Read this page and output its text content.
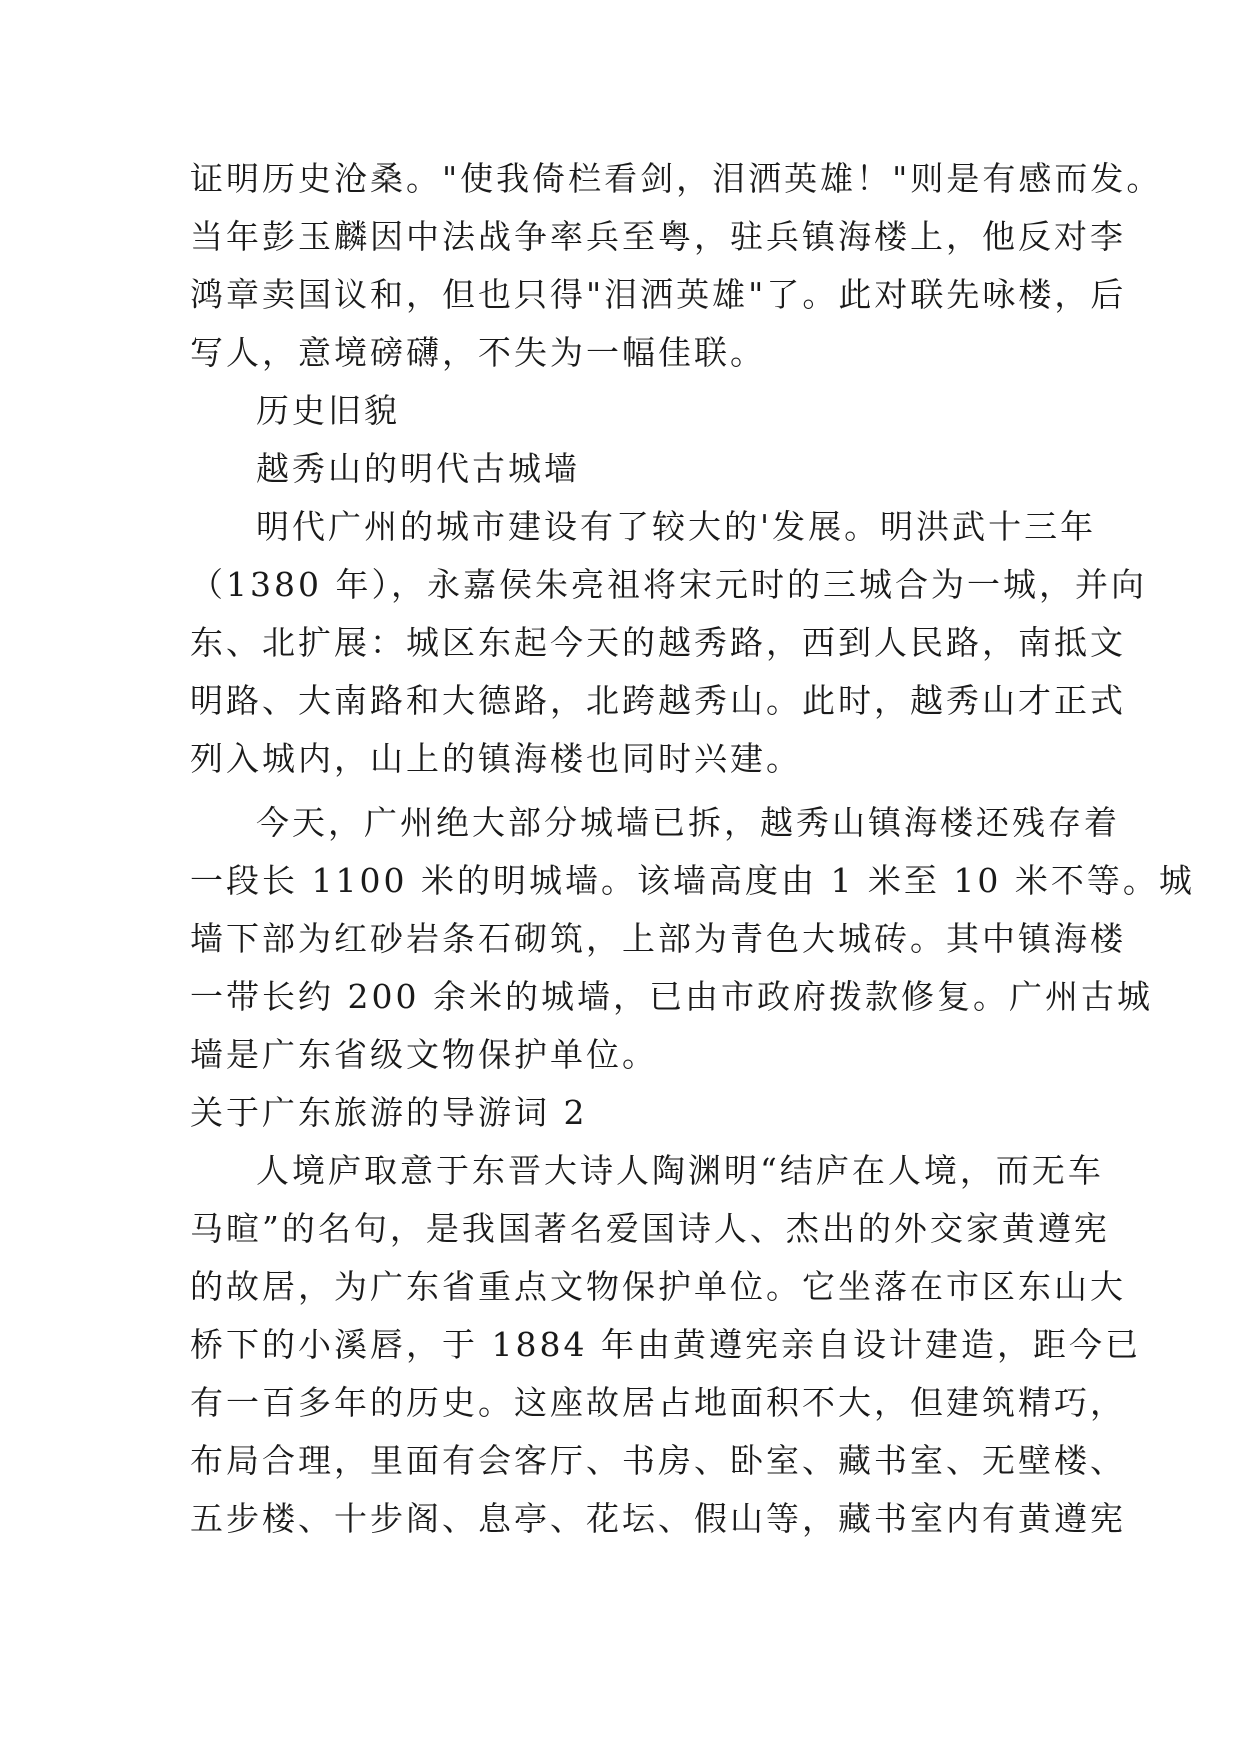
证明历史沧桑。"使我倚栏看剑，泪洒英雄！"则是有感而发。
当年彭玉麟因中法战争率兵至粤，驻兵镇海楼上，他反对李
鸿章卖国议和，但也只得"泪洒英雄"了。此对联先咏楼，后
写人，意境磅礴，不失为一幅佳联。
历史旧貌
越秀山的明代古城墙
明代广州的城市建设有了较大的'发展。明洪武十三年
（1380 年），永嘉侯朱亮祖将宋元时的三城合为一城，并向
东、北扩展：城区东起今天的越秀路，西到人民路，南抵文
明路、大南路和大德路，北跨越秀山。此时，越秀山才正式
列入城内，山上的镇海楼也同时兴建。
今天，广州绝大部分城墙已拆，越秀山镇海楼还残存着
一段长 1100 米的明城墙。该墙高度由 1 米至 10 米不等。城
墙下部为红砂岩条石砌筑，上部为青色大城砖。其中镇海楼
一带长约 200 余米的城墙，已由市政府拨款修复。广州古城
墙是广东省级文物保护单位。
关于广东旅游的导游词 2
人境庐取意于东晋大诗人陶渊明“结庐在人境，而无车
马暄”的名句，是我国著名爱国诗人、杰出的外交家黄遵宪
的故居，为广东省重点文物保护单位。它坐落在市区东山大
桥下的小溪唇，于 1884 年由黄遵宪亲自设计建造，距今已
有一百多年的历史。这座故居占地面积不大，但建筑精巧，
布局合理，里面有会客厅、书房、卧室、藏书室、无壁楼、
五步楼、十步阁、息亭、花坛、假山等，藏书室内有黄遵宪
